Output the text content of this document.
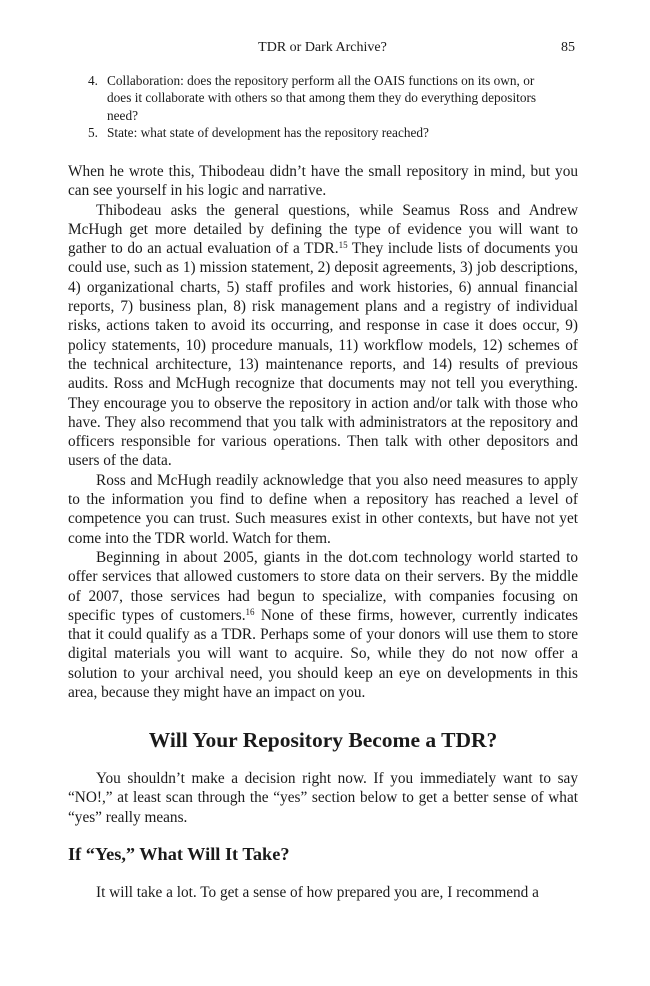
TDR or Dark Archive?	85
4. Collaboration: does the repository perform all the OAIS functions on its own, or does it collaborate with others so that among them they do everything depositors need?
5. State: what state of development has the repository reached?

When he wrote this, Thibodeau didn’t have the small repository in mind, but you can see yourself in his logic and narrative.

Thibodeau asks the general questions, while Seamus Ross and Andrew McHugh get more detailed by defining the type of evidence you will want to gather to do an actual evaluation of a TDR.$^{15}$ They include lists of documents you could use, such as 1) mission statement, 2) deposit agreements, 3) job descriptions, 4) organizational charts, 5) staff profiles and work histories, 6) annual financial reports, 7) business plan, 8) risk management plans and a registry of individual risks, actions taken to avoid its occurring, and response in case it does occur, 9) policy statements, 10) procedure manuals, 11) workflow models, 12) schemes of the technical architecture, 13) maintenance reports, and 14) results of previous audits. Ross and McHugh recognize that documents may not tell you everything. They encourage you to observe the repository in action and/or talk with those who have. They also recommend that you talk with administrators at the repository and officers responsible for various operations. Then talk with other depositors and users of the data.

Ross and McHugh readily acknowledge that you also need measures to apply to the information you find to define when a repository has reached a level of competence you can trust. Such measures exist in other contexts, but have not yet come into the TDR world. Watch for them.

Beginning in about 2005, giants in the dot.com technology world started to offer services that allowed customers to store data on their servers. By the middle of 2007, those services had begun to specialize, with companies focusing on specific types of customers.$^{16}$ None of these firms, however, currently indicates that it could qualify as a TDR. Perhaps some of your donors will use them to store digital materials you will want to acquire. So, while they do not now offer a solution to your archival need, you should keep an eye on developments in this area, because they might have an impact on you.

Will Your Repository Become a TDR?

You shouldn’t make a decision right now. If you immediately want to say “NO!,” at least scan through the “yes” section below to get a better sense of what “yes” really means.

If “Yes,” What Will It Take?

It will take a lot. To get a sense of how prepared you are, I recommend a
